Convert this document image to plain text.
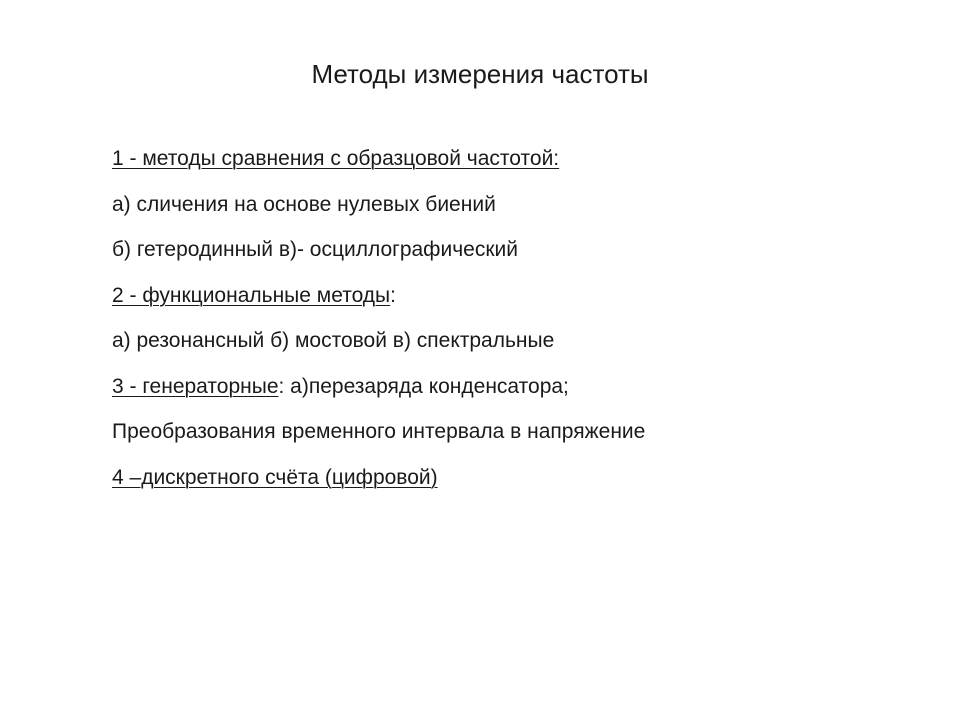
Методы измерения частоты
1 - методы сравнения с образцовой частотой:
а) сличения на основе нулевых биений
б) гетеродинный в)- осциллографический
2 - функциональные методы:
а) резонансный б) мостовой в) спектральные
3 - генераторные: а)перезаряда конденсатора;
Преобразования временного интервала в напряжение
4 –дискретного счёта (цифровой)
